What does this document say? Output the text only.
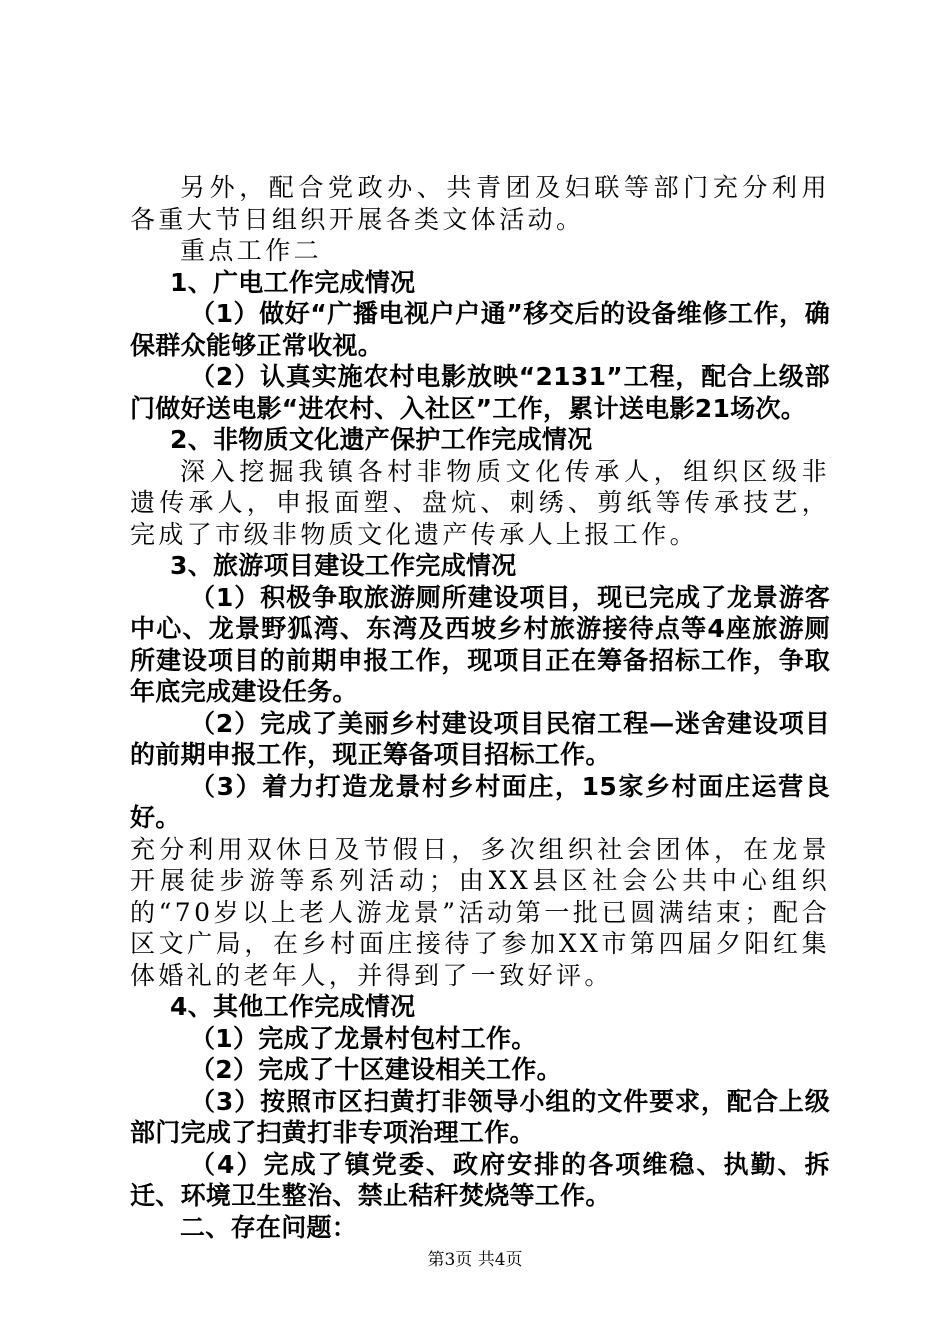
另外，配合党政办、共青团及妇联等部门充分利用各重大节日组织开展各类文体活动。

重点工作二

1、广电工作完成情况

（1）做好“广播电视户户通”移交后的设备维修工作，确保群众能够正常收视。

（2）认真实施农村电影放映“2131”工程，配合上级部门做好送电影“进农村、入社区”工作，累计送电影21场次。

2、非物质文化遗产保护工作完成情况

深入挖掘我镇各村非物质文化传承人，组织区级非遗传承人，申报面塑、盘炕、刺绣、剪纸等传承技艺，完成了市级非物质文化遗产传承人上报工作。

3、旅游项目建设工作完成情况

（1）积极争取旅游厕所建设项目，现已完成了龙景游客中心、龙景野狐湾、东湾及西坡乡村旅游接待点等4座旅游厕所建设项目的前期申报工作，现项目正在筹备招标工作，争取年底完成建设任务。

（2）完成了美丽乡村建设项目民宿工程—迷舍建设项目的前期申报工作，现正筹备项目招标工作。

（3）着力打造龙景村乡村面庄，15家乡村面庄运营良好。

充分利用双休日及节假日，多次组织社会团体，在龙景开展徒步游等系列活动；由XX县区社会公共中心组织的“70岁以上老人游龙景”活动第一批已圆满结束；配合区文广局，在乡村面庄接待了参加XX市第四届夕阳红集体婚礼的老年人，并得到了一致好评。

4、其他工作完成情况

（1）完成了龙景村包村工作。

（2）完成了十区建设相关工作。

（3）按照市区扫黄打非领导小组的文件要求，配合上级部门完成了扫黄打非专项治理工作。

（4）完成了镇党委、政府安排的各项维稳、执勤、拆迁、环境卫生整治、禁止秸秆焚烧等工作。

二、存在问题：

第3页 共4页
